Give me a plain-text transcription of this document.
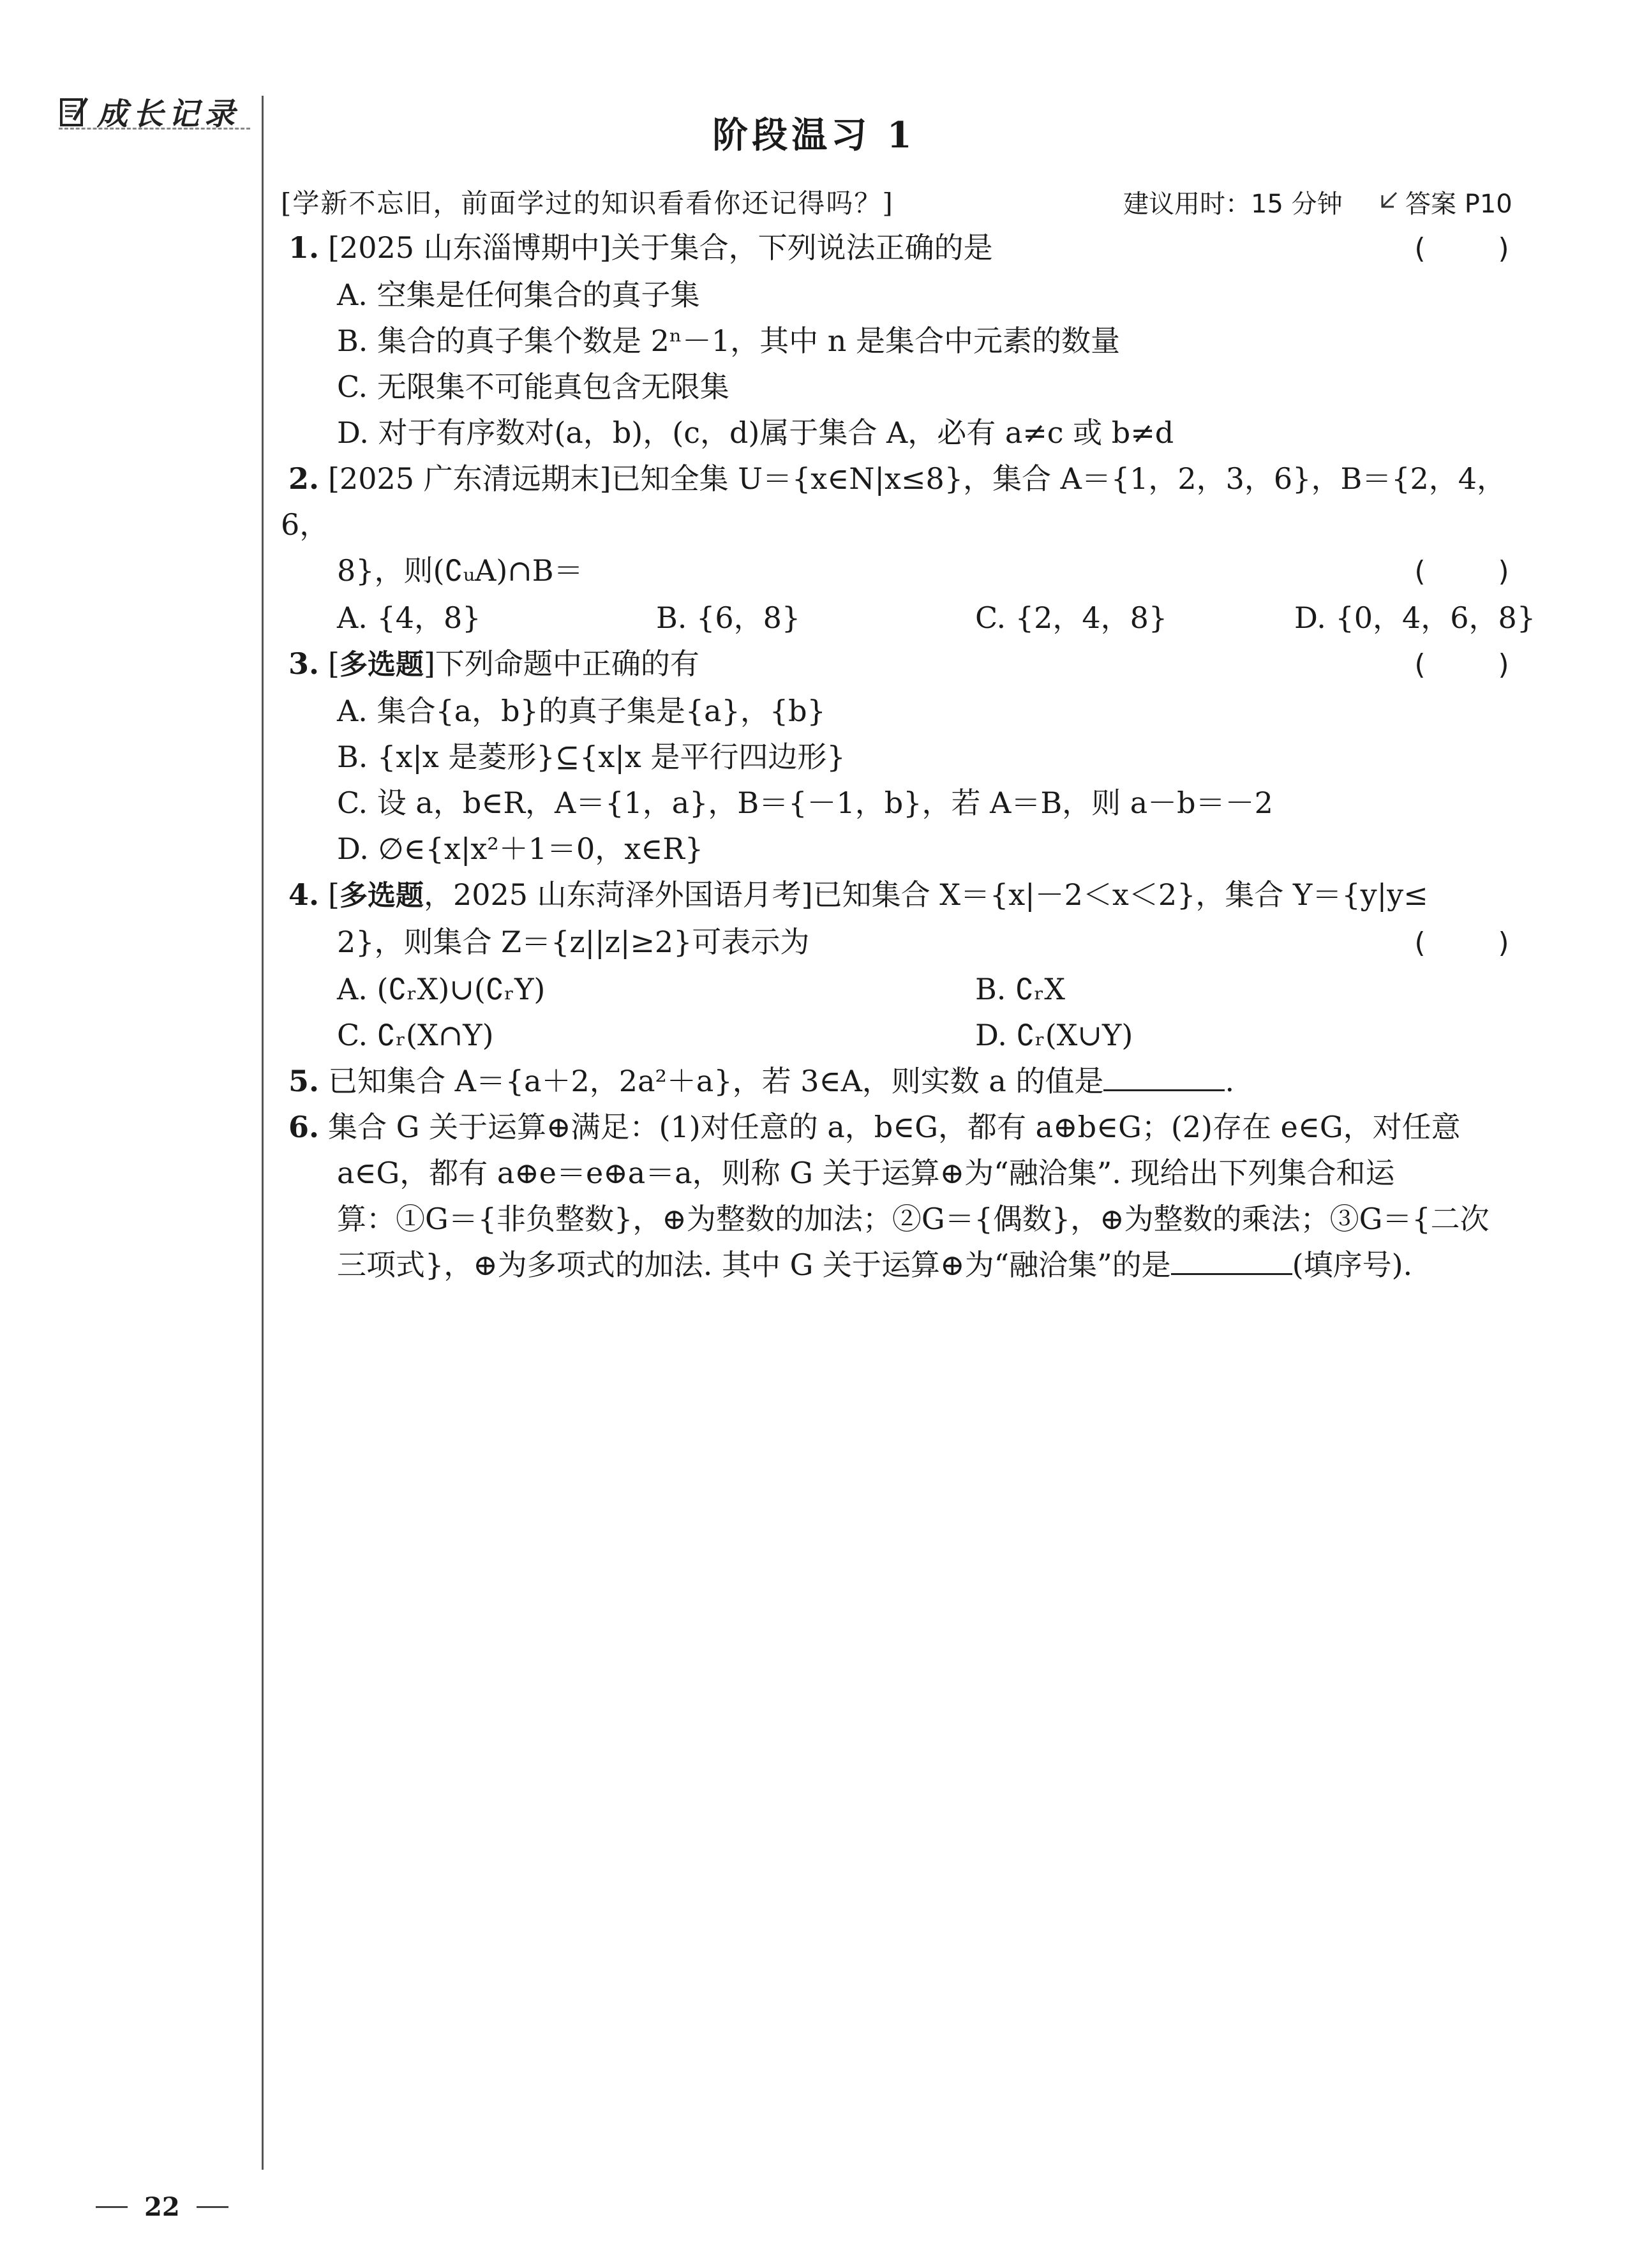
成长记录	阶段温习 1
[学新不忘旧，前面学过的知识看看你还记得吗？]	建议用时：15 分钟 答案 P10
1. [2025 山东淄博期中]关于集合，下列说法正确的是	(    )
A. 空集是任何集合的真子集
B. 集合的真子集个数是 2ⁿ－1，其中 n 是集合中元素的数量
C. 无限集不可能真包含无限集
D. 对于有序数对(a，b)，(c，d)属于集合 A，必有 a≠c 或 b≠d
2. [2025 广东清远期末]已知全集 U＝{x∈N|x≤8}，集合 A＝{1，2，3，6}，B＝{2，4，6，
8}，则(∁ᵤA)∩B＝	(    )
A. {4，8}	B. {6，8}	C. {2，4，8}	D. {0，4，6，8}
3. [多选题]下列命题中正确的有	(    )
A. 集合{a，b}的真子集是{a}，{b}
B. {x|x 是菱形}⊆{x|x 是平行四边形}
C. 设 a，b∈R，A＝{1，a}，B＝{－1，b}，若 A＝B，则 a－b＝－2
D. ∅∈{x|x²＋1＝0，x∈R}
4. [多选题，2025 山东菏泽外国语月考]已知集合 X＝{x|－2＜x＜2}，集合 Y＝{y|y≤
2}，则集合 Z＝{z||z|≥2}可表示为	(    )
A. (∁ᵣX)∪(∁ᵣY)	B. ∁ᵣX
C. ∁ᵣ(X∩Y)	D. ∁ᵣ(X∪Y)
5. 已知集合 A＝{a＋2，2a²＋a}，若 3∈A，则实数 a 的值是	.
6. 集合 G 关于运算⊕满足：(1)对任意的 a，b∈G，都有 a⊕b∈G；(2)存在 e∈G，对任意
a∈G，都有 a⊕e＝e⊕a＝a，则称 G 关于运算⊕为“融洽集”. 现给出下列集合和运
算：①G＝{非负整数}，⊕为整数的加法；②G＝{偶数}，⊕为整数的乘法；③G＝{二次
三项式}，⊕为多项式的加法. 其中 G 关于运算⊕为“融洽集”的是	(填序号).
22
